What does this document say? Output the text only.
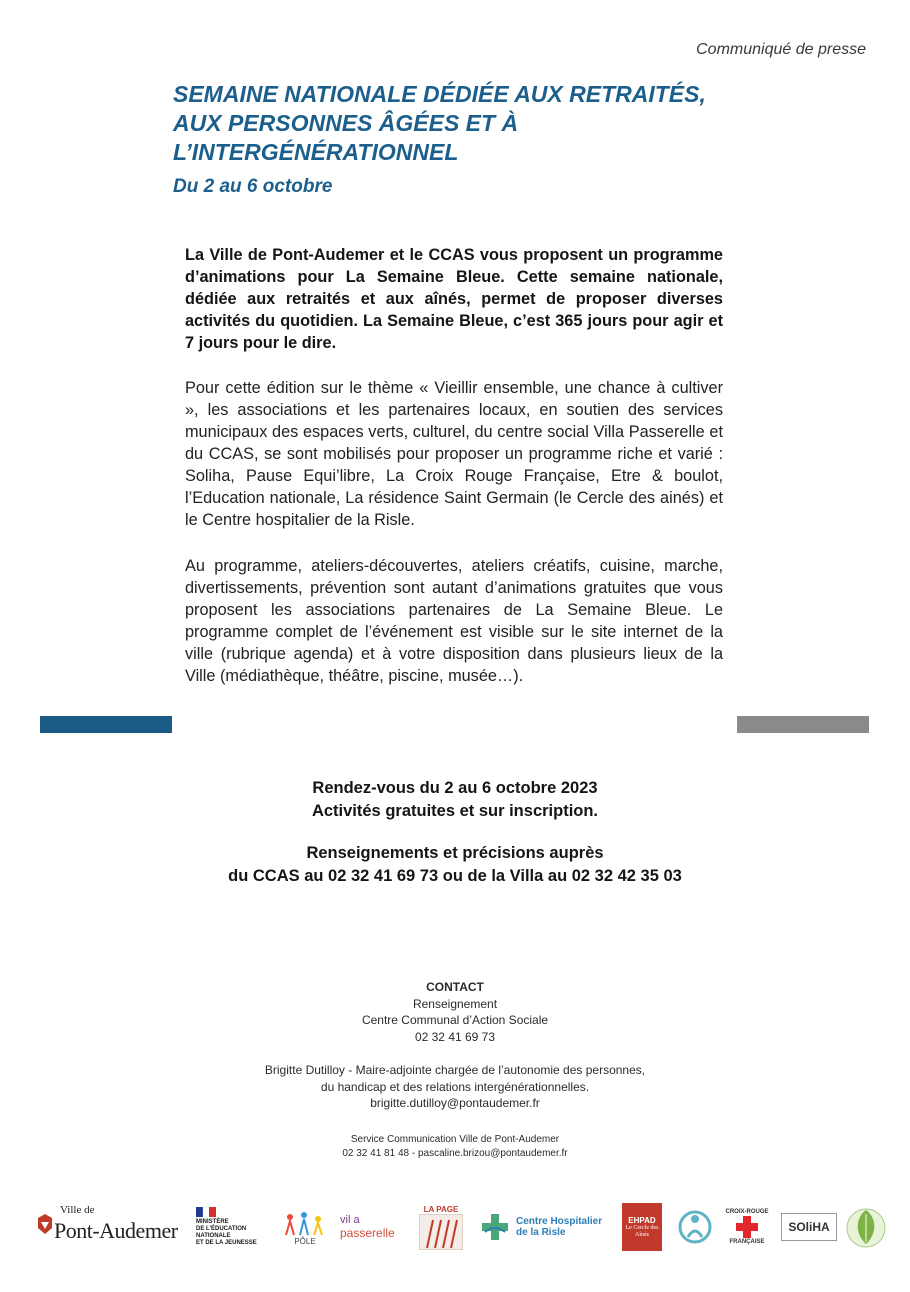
Communiqué de presse
SEMAINE NATIONALE DÉDIÉE AUX RETRAITÉS,
AUX PERSONNES ÂGÉES ET À
L’INTERGÉNÉRATIONNEL
Du 2 au 6 octobre

La Ville de Pont-Audemer et le CCAS vous proposent un programme d’animations pour La Semaine Bleue. Cette semaine nationale, dédiée aux retraités et aux aînés, permet de proposer diverses activités du quotidien. La Semaine Bleue, c’est 365 jours pour agir et 7 jours pour le dire.

Pour cette édition sur le thème « Vieillir ensemble, une chance à cultiver », les associations et les partenaires locaux, en soutien des services municipaux des espaces verts, culturel, du centre social Villa Passerelle et du CCAS, se sont mobilisés pour proposer un programme riche et varié : Soliha, Pause Equi’libre, La Croix Rouge Française, Etre & boulot, l’Education nationale, La résidence Saint Germain (le Cercle des ainés) et le Centre hospitalier de la Risle.

Au programme, ateliers-découvertes, ateliers créatifs, cuisine, marche, divertissements, prévention sont autant d’animations gratuites que vous proposent les associations partenaires de La Semaine Bleue. Le programme complet de l’événement est visible sur le site internet de la ville (rubrique agenda) et à votre disposition dans plusieurs lieux de la Ville (médiathèque, théâtre, piscine, musée…).

Rendez-vous du 2 au 6 octobre 2023
Activités gratuites et sur inscription.
Renseignements et précisions auprès
du CCAS au 02 32 41 69 73 ou de la Villa au 02 32 42 35 03
CONTACT
Renseignement
Centre Communal d’Action Sociale
02 32 41 69 73
Brigitte Dutilloy - Maire-adjointe chargée de l’autonomie des personnes,
du handicap et des relations intergénérationnelles.
brigitte.dutilloy@pontaudemer.fr
Service Communication Ville de Pont-Audemer
02 32 41 81 48 - pascaline.brizou@pontaudemer.fr
Ville de
Pont-Audemer	MINISTÈRE
DE L’ÉDUCATION
NATIONALE
ET DE LA JEUNESSE	PÔLE
vil a
passerelle
LA PAGE
Centre Hospitalier
de la Risle
EHPAD
Le Cercle des Aînés
CROIX-ROUGE
FRANÇAISE
SOliHA
